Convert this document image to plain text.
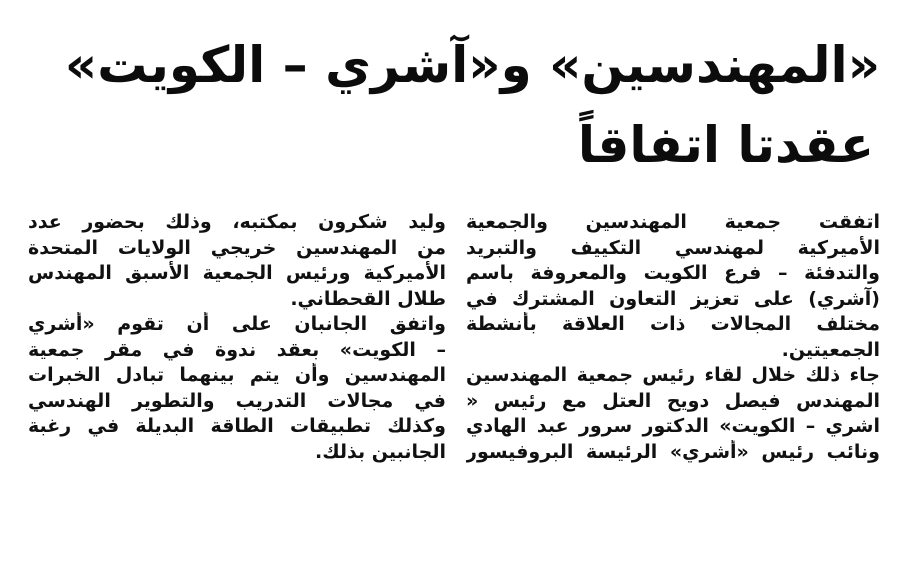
«المهندسين» و«آشري – الكويت»
عقدتا اتفاقاً
اتفقت جمعية المهندسين والجمعية
الأميركية لمهندسي التكييف والتبريد
والتدفئة – فرع الكويت والمعروفة باسم
(آشري) على تعزيز التعاون المشترك في
مختلف المجالات ذات العلاقة بأنشطة
الجمعيتين.
جاء ذلك خلال لقاء رئيس جمعية المهندسين
المهندس فيصل دويح العتل مع رئيس «
اشري – الكويت» الدكتور سرور عبد الهادي
ونائب رئيس «أشري» الرئيسة البروفيسور
وليد شكرون بمكتبه، وذلك بحضور عدد
من المهندسين خريجي الولايات المتحدة
الأميركية ورئيس الجمعية الأسبق المهندس
طلال القحطاني.
واتفق الجانبان على أن تقوم «أشري
– الكويت» بعقد ندوة في مقر جمعية
المهندسين وأن يتم بينهما تبادل الخبرات
في مجالات التدريب والتطوير الهندسي
وكذلك تطبيقات الطاقة البديلة في رغبة
الجانبين بذلك.
